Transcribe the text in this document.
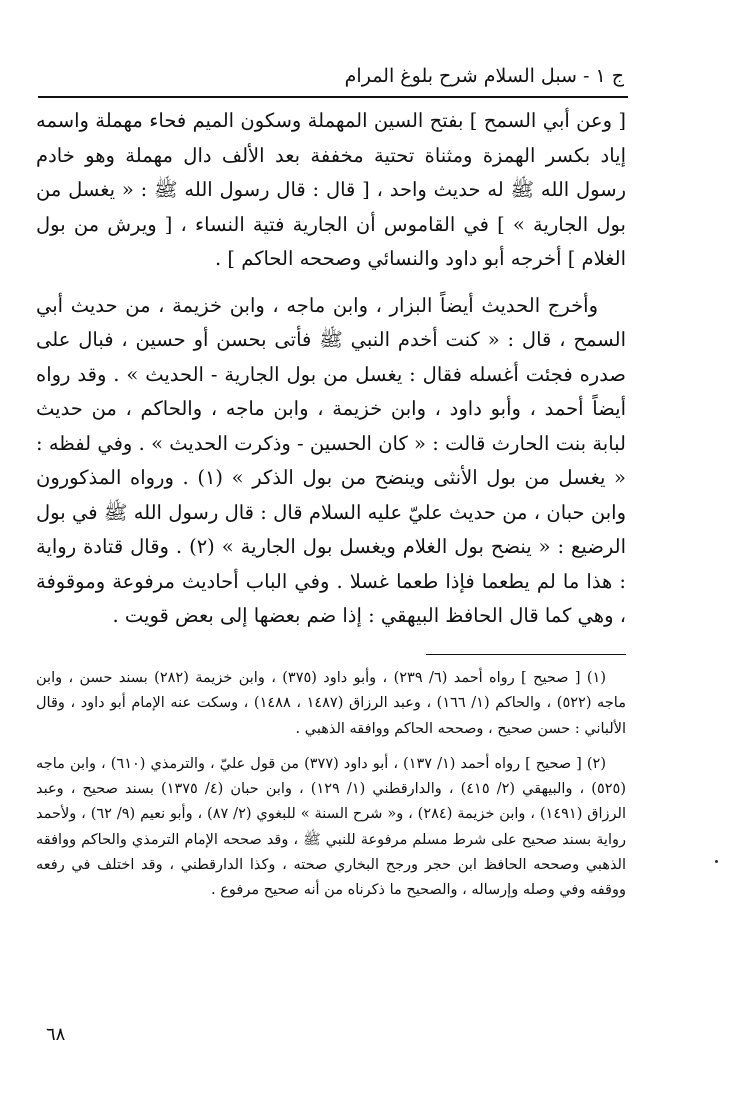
ج ١ - سبل السلام شرح بلوغ المرام

[ وعن أبي السمح ] بفتح السين المهملة وسكون الميم فحاء مهملة واسمه إياد بكسر الهمزة ومثناة تحتية مخففة بعد الألف دال مهملة وهو خادم رسول الله ﷺ له حديث واحد ، [ قال : قال رسول الله ﷺ : « يغسل من بول الجارية » ] في القاموس أن الجارية فتية النساء ، [ ويرش من بول الغلام ] أخرجه أبو داود والنسائي وصححه الحاكم ] .

وأخرج الحديث أيضاً البزار ، وابن ماجه ، وابن خزيمة ، من حديث أبي السمح ، قال : « كنت أخدم النبي ﷺ فأتى بحسن أو حسين ، فبال على صدره فجئت أغسله فقال : يغسل من بول الجارية - الحديث » . وقد رواه أيضاً أحمد ، وأبو داود ، وابن خزيمة ، وابن ماجه ، والحاكم ، من حديث لبابة بنت الحارث قالت : « كان الحسين - وذكرت الحديث » . وفي لفظه : « يغسل من بول الأنثى وينضح من بول الذكر » (١) . ورواه المذكورون وابن حبان ، من حديث عليّ عليه السلام قال : قال رسول الله ﷺ في بول الرضيع : « ينضح بول الغلام ويغسل بول الجارية » (٢) . وقال قتادة رواية : هذا ما لم يطعما فإذا طعما غسلا . وفي الباب أحاديث مرفوعة وموقوفة ، وهي كما قال الحافظ البيهقي : إذا ضم بعضها إلى بعض قويت .

(١) [ صحيح ] رواه أحمد (٦/ ٢٣٩) ، وأبو داود (٣٧٥) ، وابن خزيمة (٢٨٢) بسند حسن ، وابن ماجه (٥٢٢) ، والحاكم (١/ ١٦٦) ، وعبد الرزاق (١٤٨٧ ، ١٤٨٨) ، وسكت عنه الإمام أبو داود ، وقال الألباني : حسن صحيح ، وصححه الحاكم ووافقه الذهبي .

(٢) [ صحيح ] رواه أحمد (١/ ١٣٧) ، أبو داود (٣٧٧) من قول عليّ ، والترمذي (٦١٠) ، وابن ماجه (٥٢٥) ، والبيهقي (٢/ ٤١٥) ، والدارقطني (١/ ١٢٩) ، وابن حبان (٤/ ١٣٧٥) بسند صحيح ، وعبد الرزاق (١٤٩١) ، وابن خزيمة (٢٨٤) ، و« شرح السنة » للبغوي (٢/ ٨٧) ، وأبو نعيم (٩/ ٦٢) ، ولأحمد رواية بسند صحيح على شرط مسلم مرفوعة للنبي ﷺ ، وقد صححه الإمام الترمذي والحاكم ووافقه الذهبي وصححه الحافظ ابن حجر ورجح البخاري صحته ، وكذا الدارقطني ، وقد اختلف في رفعه ووقفه وفي وصله وإرساله ، والصحيح ما ذكرناه من أنه صحيح مرفوع .

٦٨
